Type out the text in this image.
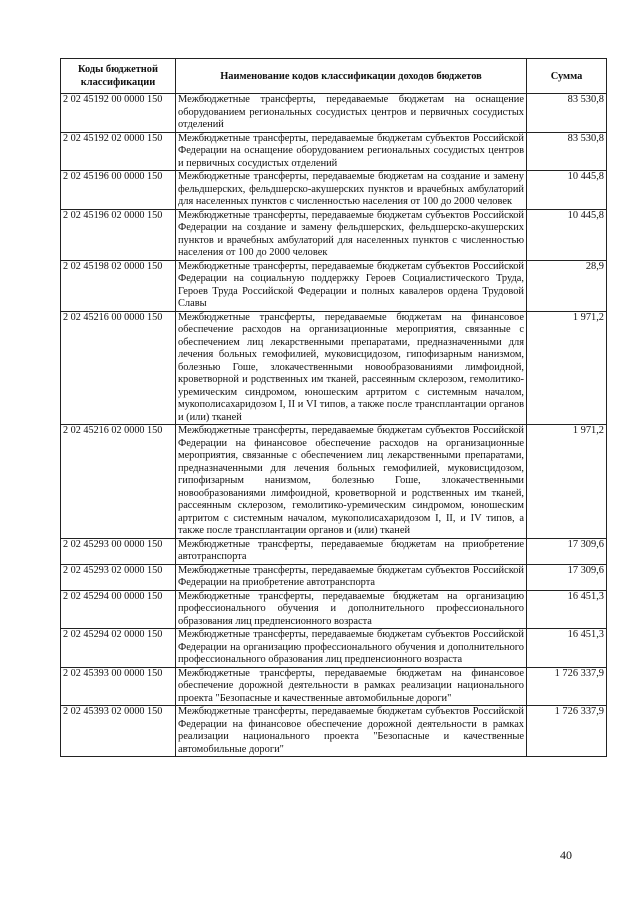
Коды бюджетной классификации	Наименование кодов классификации доходов бюджетов	Сумма
2 02 45192 00 0000 150	Межбюджетные трансферты, передаваемые бюджетам на оснащение оборудованием региональных сосудистых центров и первичных сосудистых отделений	83 530,8
2 02 45192 02 0000 150	Межбюджетные трансферты, передаваемые бюджетам субъектов Российской Федерации на оснащение оборудованием региональных сосудистых центров и первичных сосудистых отделений	83 530,8
2 02 45196 00 0000 150	Межбюджетные трансферты, передаваемые бюджетам на создание и замену фельдшерских, фельдшерско-акушерских пунктов и врачебных амбулаторий для населенных пунктов с численностью населения от 100 до 2000 человек	10 445,8
2 02 45196 02 0000 150	Межбюджетные трансферты, передаваемые бюджетам субъектов Российской Федерации на создание и замену фельдшерских, фельдшерско-акушерских пунктов и врачебных амбулаторий для населенных пунктов с численностью населения от 100 до 2000 человек	10 445,8
2 02 45198 02 0000 150	Межбюджетные трансферты, передаваемые бюджетам субъектов Российской Федерации на социальную поддержку Героев Социалистического Труда, Героев Труда Российской Федерации и полных кавалеров ордена Трудовой Славы	28,9
2 02 45216 00 0000 150	Межбюджетные трансферты, передаваемые бюджетам на финансовое обеспечение расходов на организационные мероприятия, связанные с обеспечением лиц лекарственными препаратами, предназначенными для лечения больных гемофилией, муковисцидозом, гипофизарным нанизмом, болезнью Гоше, злокачественными новообразованиями лимфоидной, кроветворной и родственных им тканей, рассеянным склерозом, гемолитико-уремическим синдромом, юношеским артритом с системным началом, мукополисахаридозом I, II и VI типов, а также после трансплантации органов и (или) тканей	1 971,2
2 02 45216 02 0000 150	Межбюджетные трансферты, передаваемые бюджетам субъектов Российской Федерации на финансовое обеспечение расходов на организационные мероприятия, связанные с обеспечением лиц лекарственными препаратами, предназначенными для лечения больных гемофилией, муковисцидозом, гипофизарным нанизмом, болезнью Гоше, злокачественными новообразованиями лимфоидной, кроветворной и родственных им тканей, рассеянным склерозом, гемолитико-уремическим синдромом, юношеским артритом с системным началом, мукополисахаридозом I, II, и IV типов, а также после трансплантации органов и (или) тканей	1 971,2
2 02 45293 00 0000 150	Межбюджетные трансферты, передаваемые бюджетам на приобретение автотранспорта	17 309,6
2 02 45293 02 0000 150	Межбюджетные трансферты, передаваемые бюджетам субъектов Российской Федерации на приобретение автотранспорта	17 309,6
2 02 45294 00 0000 150	Межбюджетные трансферты, передаваемые бюджетам на организацию профессионального обучения и дополнительного профессионального образования лиц предпенсионного возраста	16 451,3
2 02 45294 02 0000 150	Межбюджетные трансферты, передаваемые бюджетам субъектов Российской Федерации на организацию профессионального обучения и дополнительного профессионального образования лиц предпенсионного возраста	16 451,3
2 02 45393 00 0000 150	Межбюджетные трансферты, передаваемые бюджетам на финансовое обеспечение дорожной деятельности в рамках реализации национального проекта "Безопасные и качественные автомобильные дороги"	1 726 337,9
2 02 45393 02 0000 150	Межбюджетные трансферты, передаваемые бюджетам субъектов Российской Федерации на финансовое обеспечение дорожной деятельности в рамках реализации национального проекта "Безопасные и качественные автомобильные дороги"	1 726 337,9
40
